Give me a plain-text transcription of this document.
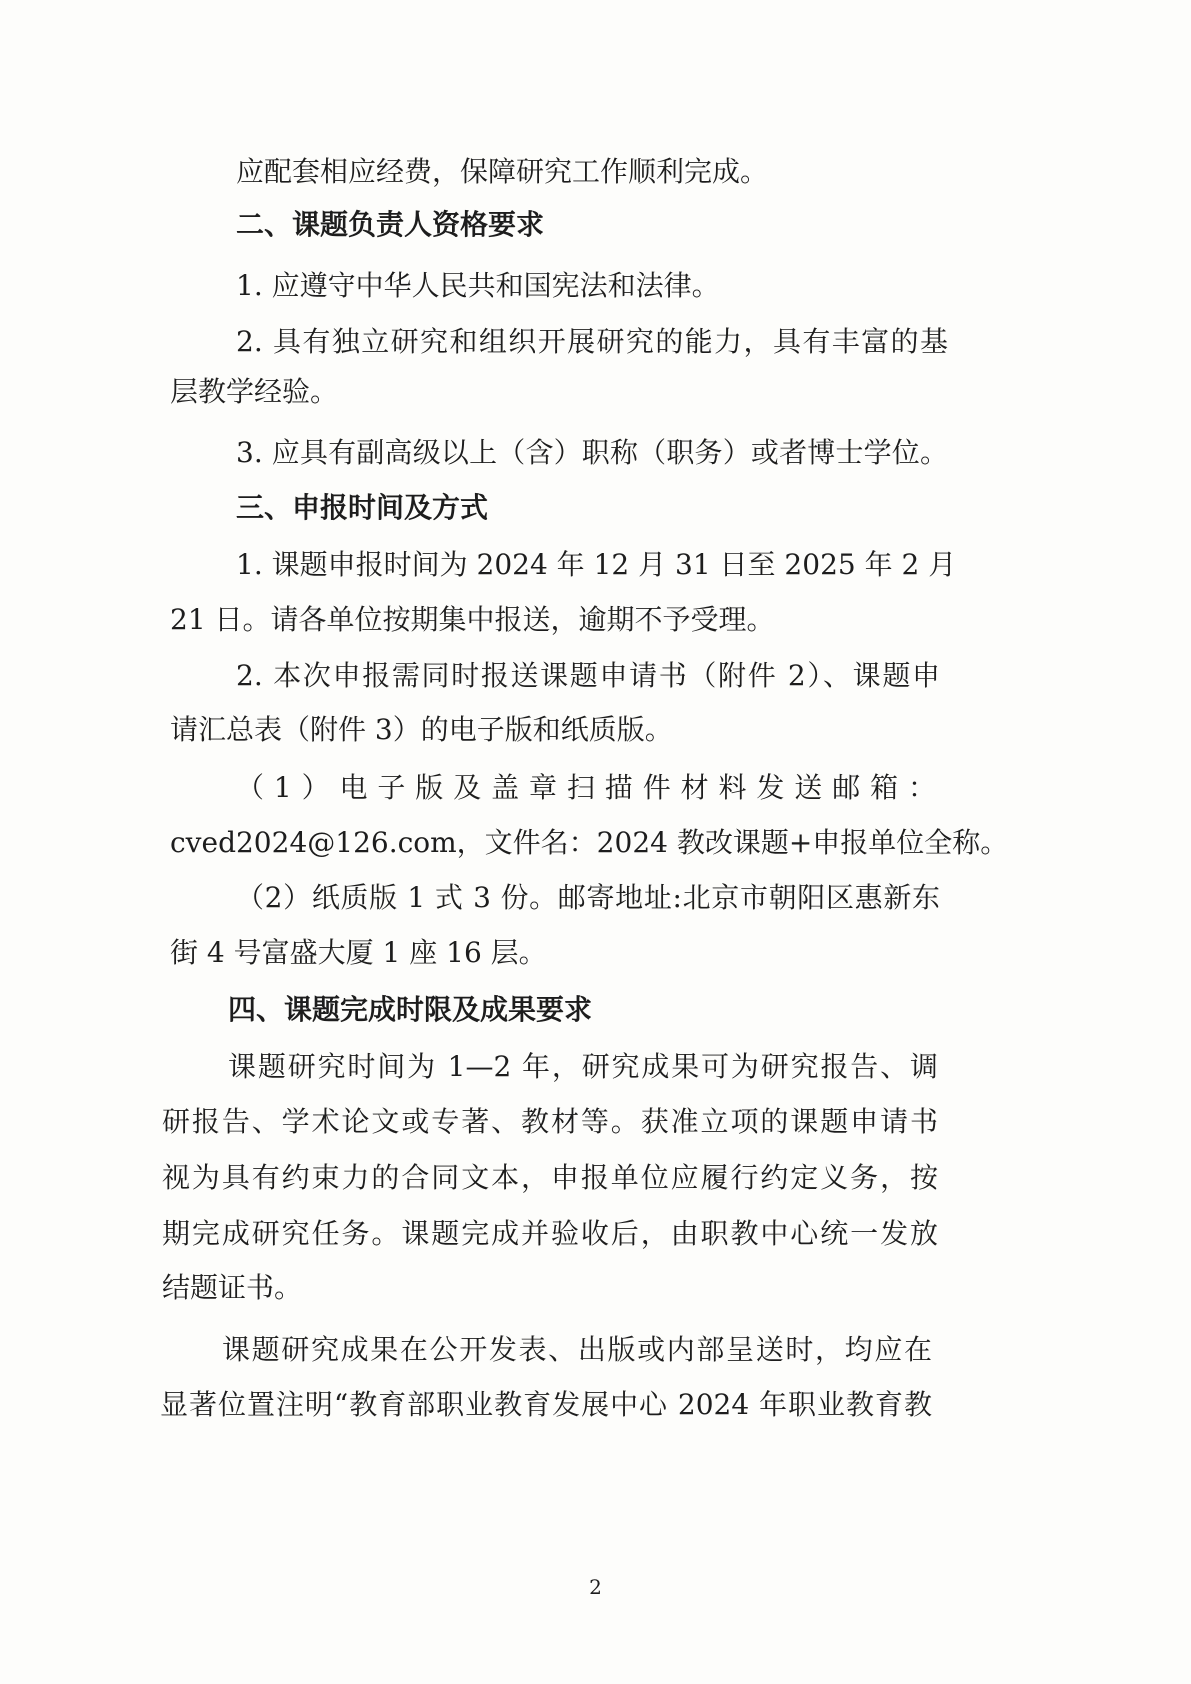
应配套相应经费，保障研究工作顺利完成。

二、课题负责人资格要求

1. 应遵守中华人民共和国宪法和法律。

2. 具有独立研究和组织开展研究的能力，具有丰富的基

层教学经验。

3. 应具有副高级以上（含）职称（职务）或者博士学位。

三、申报时间及方式

1. 课题申报时间为 2024 年 12 月 31 日至 2025 年 2 月

21 日。请各单位按期集中报送，逾期不予受理。

2. 本次申报需同时报送课题申请书（附件 2）、课题申

请汇总表（附件 3）的电子版和纸质版。

（1）电子版及盖章扫描件材料发送邮箱：

cved2024@126.com，文件名：2024 教改课题+申报单位全称。

（2）纸质版 1 式 3 份。邮寄地址:北京市朝阳区惠新东

街 4 号富盛大厦 1 座 16 层。

四、课题完成时限及成果要求

课题研究时间为 1—2 年，研究成果可为研究报告、调

研报告、学术论文或专著、教材等。获准立项的课题申请书

视为具有约束力的合同文本，申报单位应履行约定义务，按

期完成研究任务。课题完成并验收后，由职教中心统一发放

结题证书。

课题研究成果在公开发表、出版或内部呈送时，均应在

显著位置注明“教育部职业教育发展中心 2024 年职业教育教

2
